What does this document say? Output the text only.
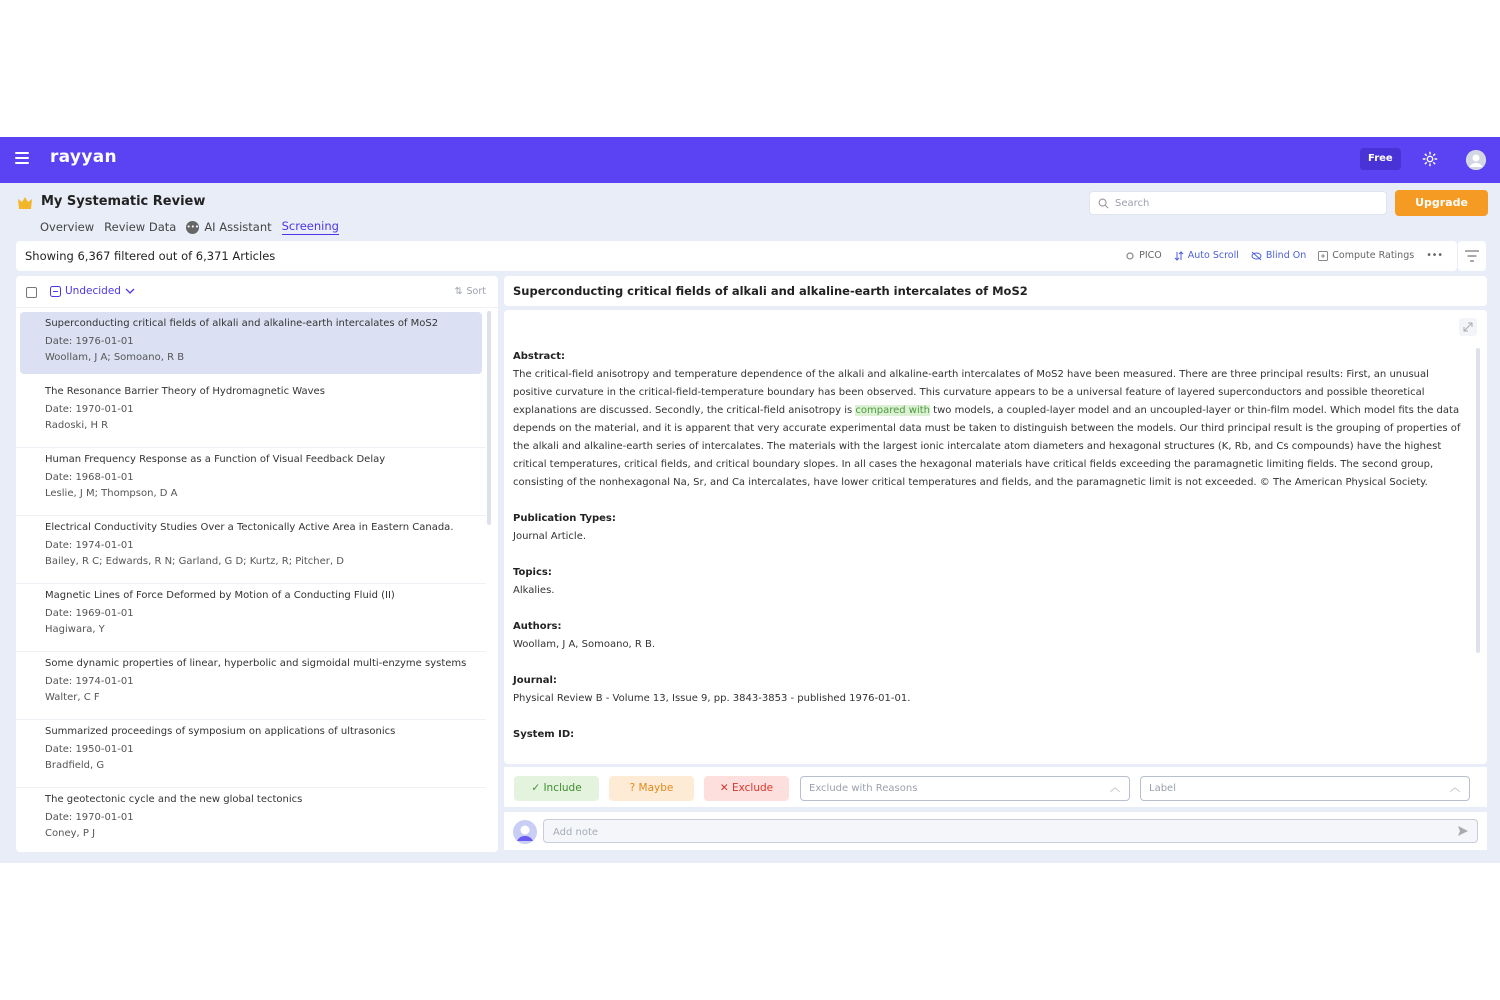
rayyan	Free
My Systematic Review
Overview Review Data ••• AI Assistant Screening
Search
Upgrade
Showing 6,367 filtered out of 6,371 Articles	PICO	Auto Scroll	Blind On	Compute Ratings •••
Undecided	⇅ Sort
Superconducting critical fields of alkali and alkaline-earth intercalates of MoS2
Date: 1976-01-01
Woollam, J A; Somoano, R B
The Resonance Barrier Theory of Hydromagnetic Waves
Date: 1970-01-01
Radoski, H R
Human Frequency Response as a Function of Visual Feedback Delay
Date: 1968-01-01
Leslie, J M; Thompson, D A
Electrical Conductivity Studies Over a Tectonically Active Area in Eastern Canada.
Date: 1974-01-01
Bailey, R C; Edwards, R N; Garland, G D; Kurtz, R; Pitcher, D
Magnetic Lines of Force Deformed by Motion of a Conducting Fluid (II)
Date: 1969-01-01
Hagiwara, Y
Some dynamic properties of linear, hyperbolic and sigmoidal multi-enzyme systems
Date: 1974-01-01
Walter, C F
Summarized proceedings of symposium on applications of ultrasonics
Date: 1950-01-01
Bradfield, G
The geotectonic cycle and the new global tectonics
Date: 1970-01-01
Coney, P J
Superconducting critical fields of alkali and alkaline-earth intercalates of MoS2
Abstract:
The critical-field anisotropy and temperature dependence of the alkali and alkaline-earth intercalates of MoS2 have been measured. There are three principal results: First, an unusual positive curvature in the critical-field-temperature boundary has been observed. This curvature appears to be a universal feature of layered superconductors and possible theoretical explanations are discussed. Secondly, the critical-field anisotropy is compared with two models, a coupled-layer model and an uncoupled-layer or thin-film model. Which model fits the data depends on the material, and it is apparent that very accurate experimental data must be taken to distinguish between the models. Our third principal result is the grouping of properties of the alkali and alkaline-earth series of intercalates. The materials with the largest ionic intercalate atom diameters and hexagonal structures (K, Rb, and Cs compounds) have the highest critical temperatures, critical fields, and critical boundary slopes. In all cases the hexagonal materials have critical fields exceeding the paramagnetic limiting fields. The second group, consisting of the nonhexagonal Na, Sr, and Ca intercalates, have lower critical temperatures and fields, and the paramagnetic limit is not exceeded. © The American Physical Society.
Publication Types:
Journal Article.
Topics:
Alkalies.
Authors:
Woollam, J A, Somoano, R B.
Journal:
Physical Review B - Volume 13, Issue 9, pp. 3843-3853 - published 1976-01-01.
System ID:
✓ Include	? Maybe	✕ Exclude	Exclude with Reasons	︿	Label	︿
Add note
